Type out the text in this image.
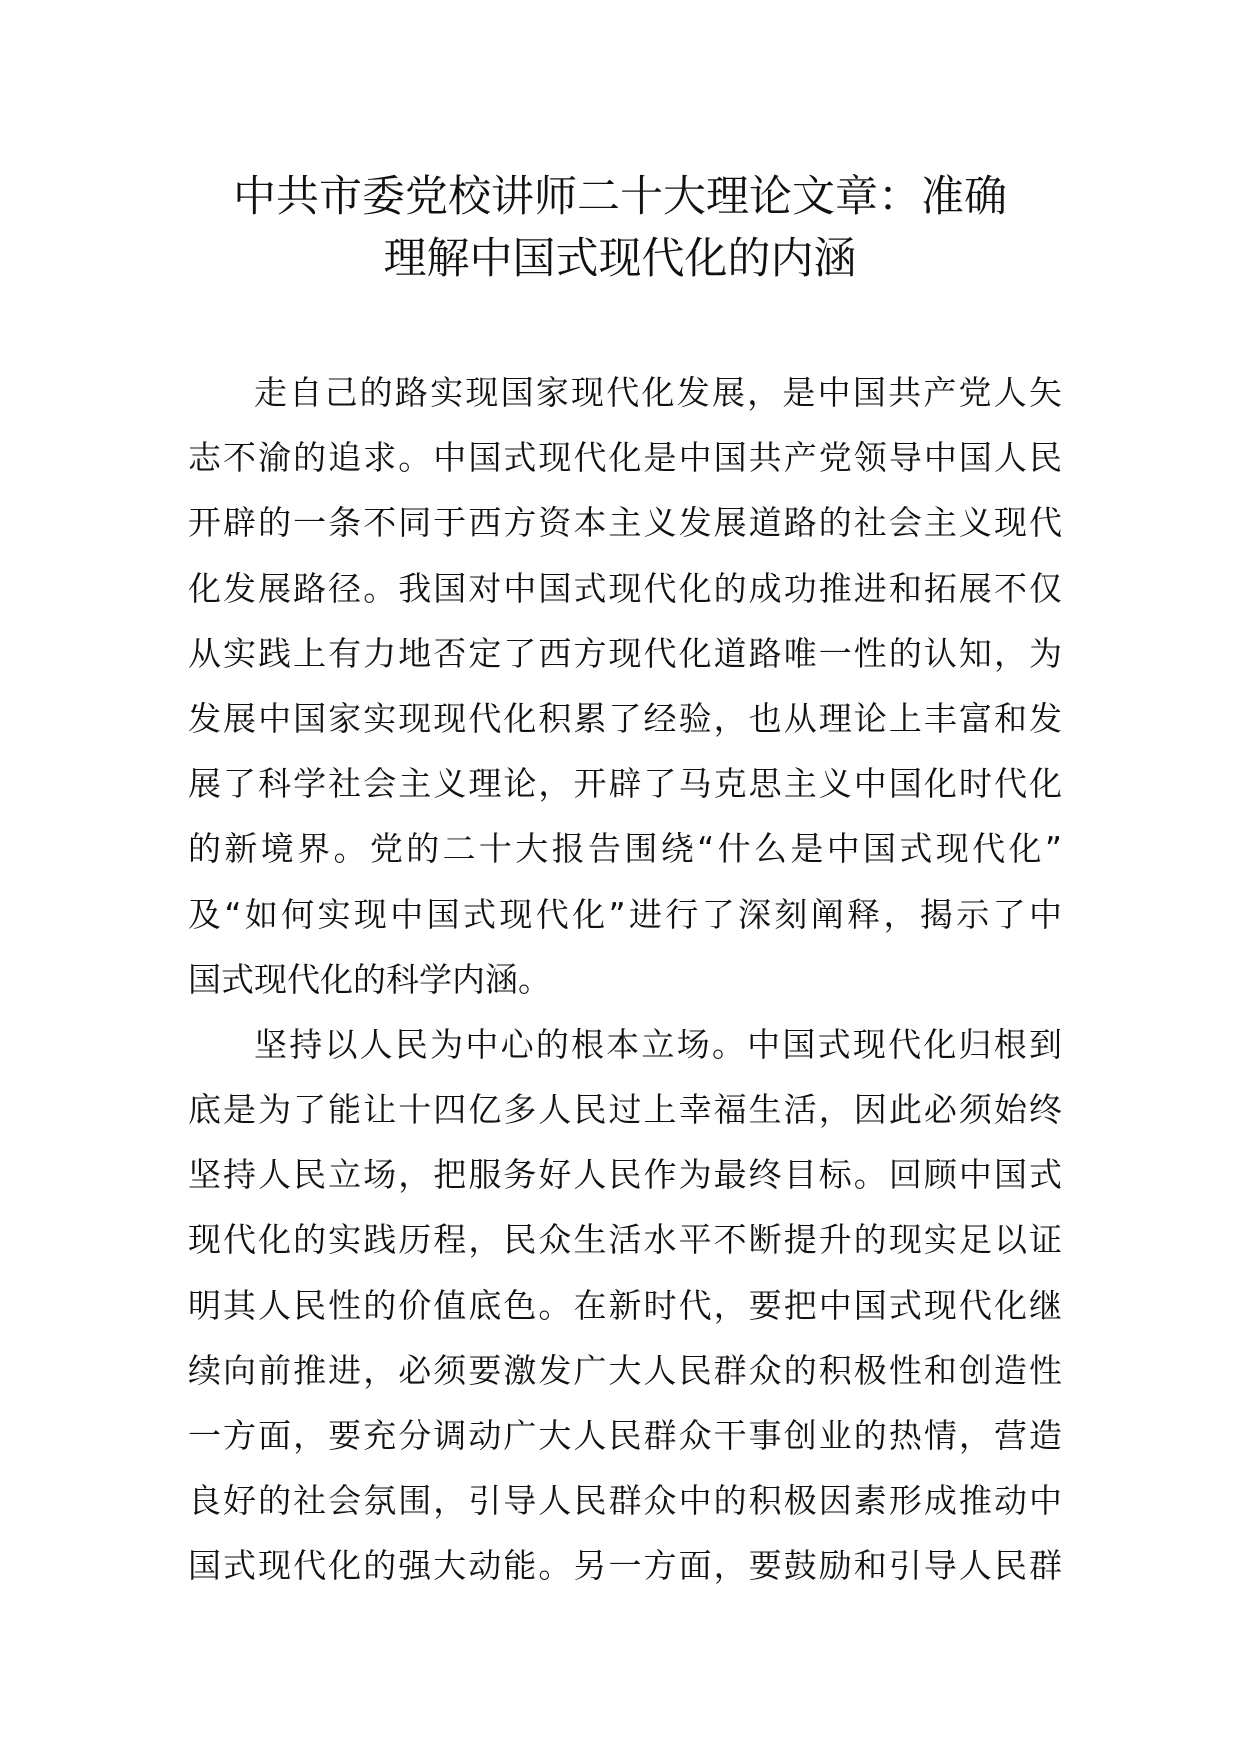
中共市委党校讲师二十大理论文章：准确
理解中国式现代化的内涵
走自己的路实现国家现代化发展，是中国共产党人矢
志不渝的追求。中国式现代化是中国共产党领导中国人民
开辟的一条不同于西方资本主义发展道路的社会主义现代
化发展路径。我国对中国式现代化的成功推进和拓展不仅
从实践上有力地否定了西方现代化道路唯一性的认知，为
发展中国家实现现代化积累了经验，也从理论上丰富和发
展了科学社会主义理论，开辟了马克思主义中国化时代化
的新境界。党的二十大报告围绕“什么是中国式现代化”
及“如何实现中国式现代化”进行了深刻阐释，揭示了中
国式现代化的科学内涵。
坚持以人民为中心的根本立场。中国式现代化归根到
底是为了能让十四亿多人民过上幸福生活，因此必须始终
坚持人民立场，把服务好人民作为最终目标。回顾中国式
现代化的实践历程，民众生活水平不断提升的现实足以证
明其人民性的价值底色。在新时代，要把中国式现代化继
续向前推进，必须要激发广大人民群众的积极性和创造性
一方面，要充分调动广大人民群众干事创业的热情，营造
良好的社会氛围，引导人民群众中的积极因素形成推动中
国式现代化的强大动能。另一方面，要鼓励和引导人民群
